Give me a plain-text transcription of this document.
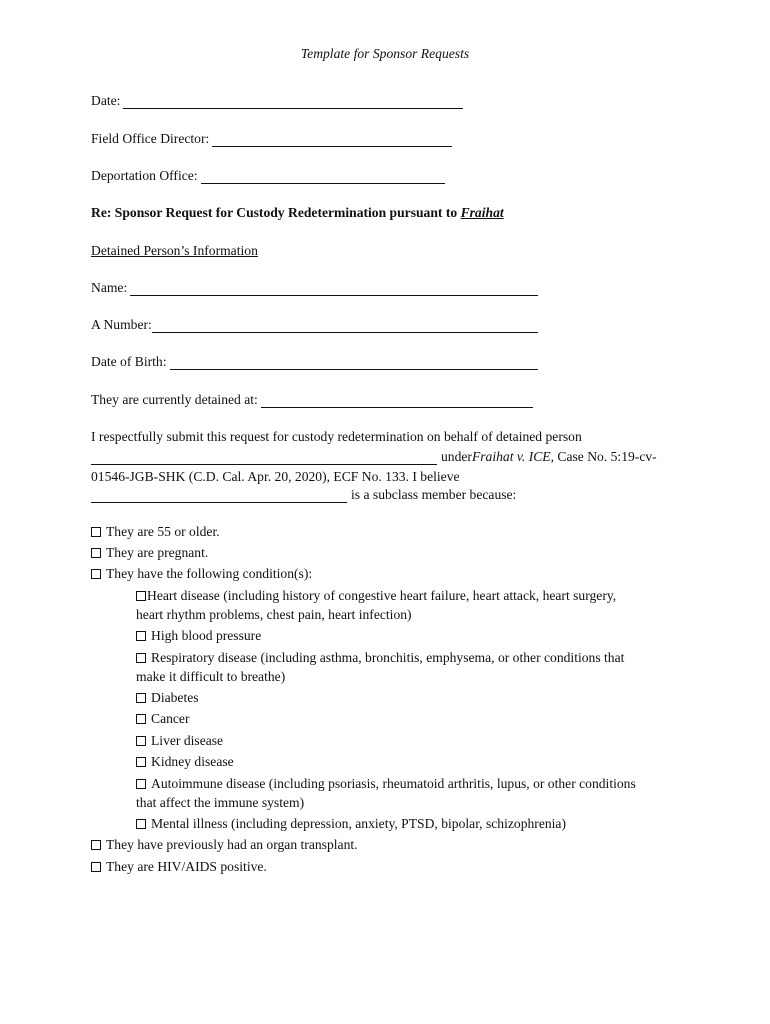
Template for Sponsor Requests
Date:
Field Office Director:
Deportation Office:
Re: Sponsor Request for Custody Redetermination pursuant to Fraihat
Detained Person’s Information
Name:
A Number:
Date of Birth:
They are currently detained at:
I respectfully submit this request for custody redetermination on behalf of detained person
under Fraihat v. ICE , Case No. 5:19-cv-
01546-JGB-SHK (C.D. Cal. Apr. 20, 2020), ECF No. 133. I believe
is a subclass member because:
They are 55 or older.
They are pregnant.
They have the following condition(s):
Heart disease (including history of congestive heart failure, heart attack, heart surgery,
heart rhythm problems, chest pain, heart infection)
High blood pressure
Respiratory disease (including asthma, bronchitis, emphysema, or other conditions that
make it difficult to breathe)
Diabetes
Cancer
Liver disease
Kidney disease
Autoimmune disease (including psoriasis, rheumatoid arthritis, lupus, or other conditions
that affect the immune system)
Mental illness (including depression, anxiety, PTSD, bipolar, schizophrenia)
They have previously had an organ transplant.
They are HIV/AIDS positive.
